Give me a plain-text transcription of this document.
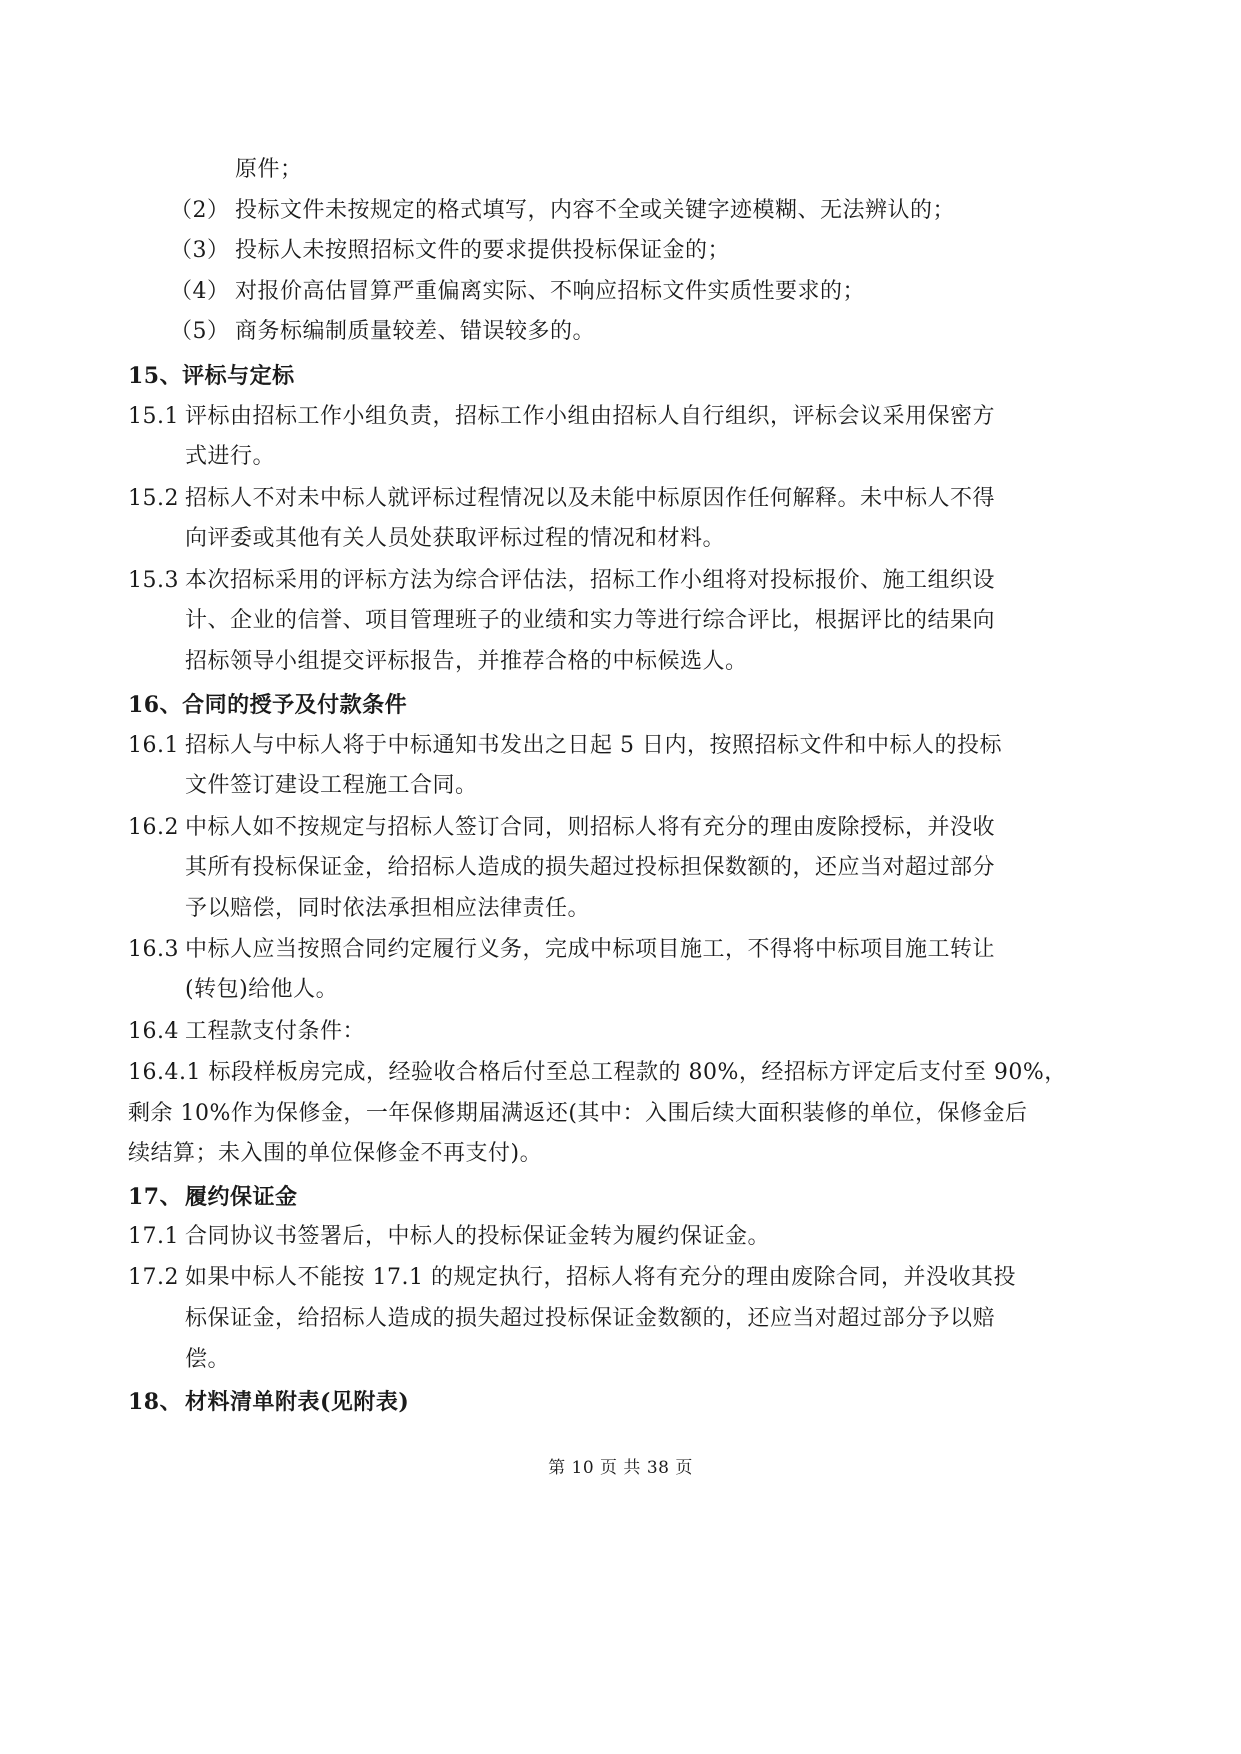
原件；
（2） 投标文件未按规定的格式填写，内容不全或关键字迹模糊、无法辨认的；
（3） 投标人未按照招标文件的要求提供投标保证金的；
（4） 对报价高估冒算严重偏离实际、不响应招标文件实质性要求的；
（5） 商务标编制质量较差、错误较多的。
15、评标与定标
15.1 评标由招标工作小组负责，招标工作小组由招标人自行组织，评标会议采用保密方
式进行。
15.2 招标人不对未中标人就评标过程情况以及未能中标原因作任何解释。未中标人不得
向评委或其他有关人员处获取评标过程的情况和材料。
15.3 本次招标采用的评标方法为综合评估法，招标工作小组将对投标报价、施工组织设
计、企业的信誉、项目管理班子的业绩和实力等进行综合评比，根据评比的结果向
招标领导小组提交评标报告，并推荐合格的中标候选人。
16、合同的授予及付款条件
16.1 招标人与中标人将于中标通知书发出之日起 5 日内，按照招标文件和中标人的投标
文件签订建设工程施工合同。
16.2 中标人如不按规定与招标人签订合同，则招标人将有充分的理由废除授标，并没收
其所有投标保证金，给招标人造成的损失超过投标担保数额的，还应当对超过部分
予以赔偿，同时依法承担相应法律责任。
16.3 中标人应当按照合同约定履行义务，完成中标项目施工，不得将中标项目施工转让
(转包)给他人。
16.4 工程款支付条件：
16.4.1 标段样板房完成，经验收合格后付至总工程款的 80%，经招标方评定后支付至 90%，
剩余 10%作为保修金，一年保修期届满返还(其中：入围后续大面积装修的单位，保修金后
续结算；未入围的单位保修金不再支付)。
17、 履约保证金
17.1 合同协议书签署后，中标人的投标保证金转为履约保证金。
17.2 如果中标人不能按 17.1 的规定执行，招标人将有充分的理由废除合同，并没收其投
标保证金，给招标人造成的损失超过投标保证金数额的，还应当对超过部分予以赔
偿。
18、 材料清单附表(见附表)
第 10 页 共 38 页
